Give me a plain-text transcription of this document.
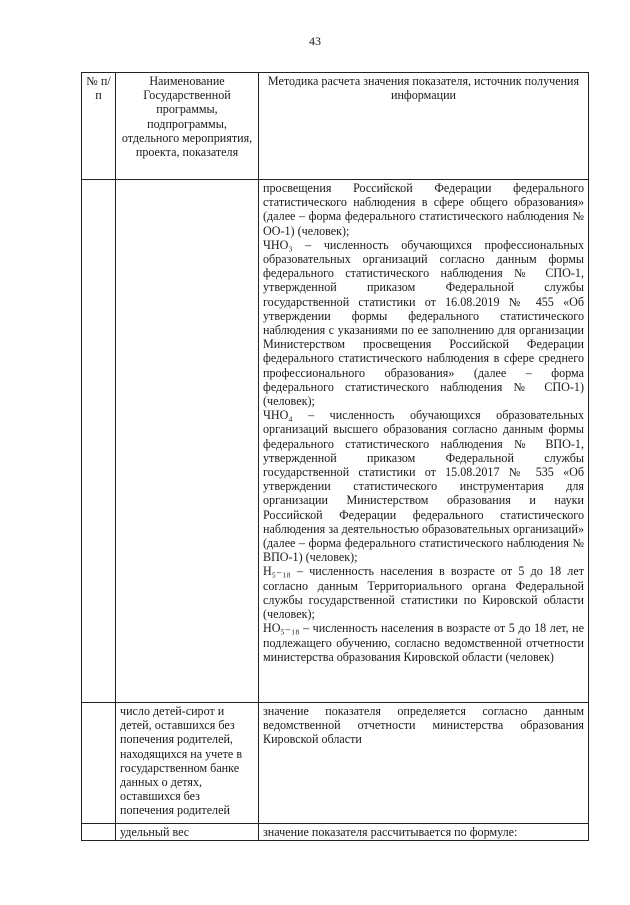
43
№ п/п	Наименование Государственной программы, подпрограммы, отдельного мероприятия, проекта, показателя	Методика расчета значения показателя, источник получения информации

		просвещения Российской Федерации федерального статистического наблюдения в сфере общего образования» (далее – форма федерального статистического наблюдения № ОО-1) (человек);

ЧНО₃ – численность обучающихся профессиональных образовательных организаций согласно данным формы федерального статистического наблюдения № СПО-1, утвержденной приказом Федеральной службы государственной статистики от 16.08.2019 № 455 «Об утверждении формы федерального статистического наблюдения с указаниями по ее заполнению для организации Министерством просвещения Российской Федерации федерального статистического наблюдения в сфере среднего профессионального образования» (далее – форма федерального статистического наблюдения № СПО-1) (человек);

ЧНО₄ – численность обучающихся образовательных организаций высшего образования согласно данным формы федерального статистического наблюдения № ВПО-1, утвержденной приказом Федеральной службы государственной статистики от 15.08.2017 № 535 «Об утверждении статистического инструментария для организации Министерством образования и науки Российской Федерации федерального статистического наблюдения за деятельностью образовательных организаций» (далее – форма федерального статистического наблюдения № ВПО-1) (человек);

Н₅₋₁₈ – численность населения в возрасте от 5 до 18 лет согласно данным Территориального органа Федеральной службы государственной статистики по Кировской области (человек);

НО₅₋₁₈ – численность населения в возрасте от 5 до 18 лет, не подлежащего обучению, согласно ведомственной отчетности министерства образования Кировской области (человек)

	число детей-сирот и детей, оставшихся без попечения родителей, находящихся на учете в государственном банке данных о детях, оставшихся без попечения родителей	значение показателя определяется согласно данным ведомственной отчетности министерства образования Кировской области

	удельный вес	значение показателя рассчитывается по формуле:
